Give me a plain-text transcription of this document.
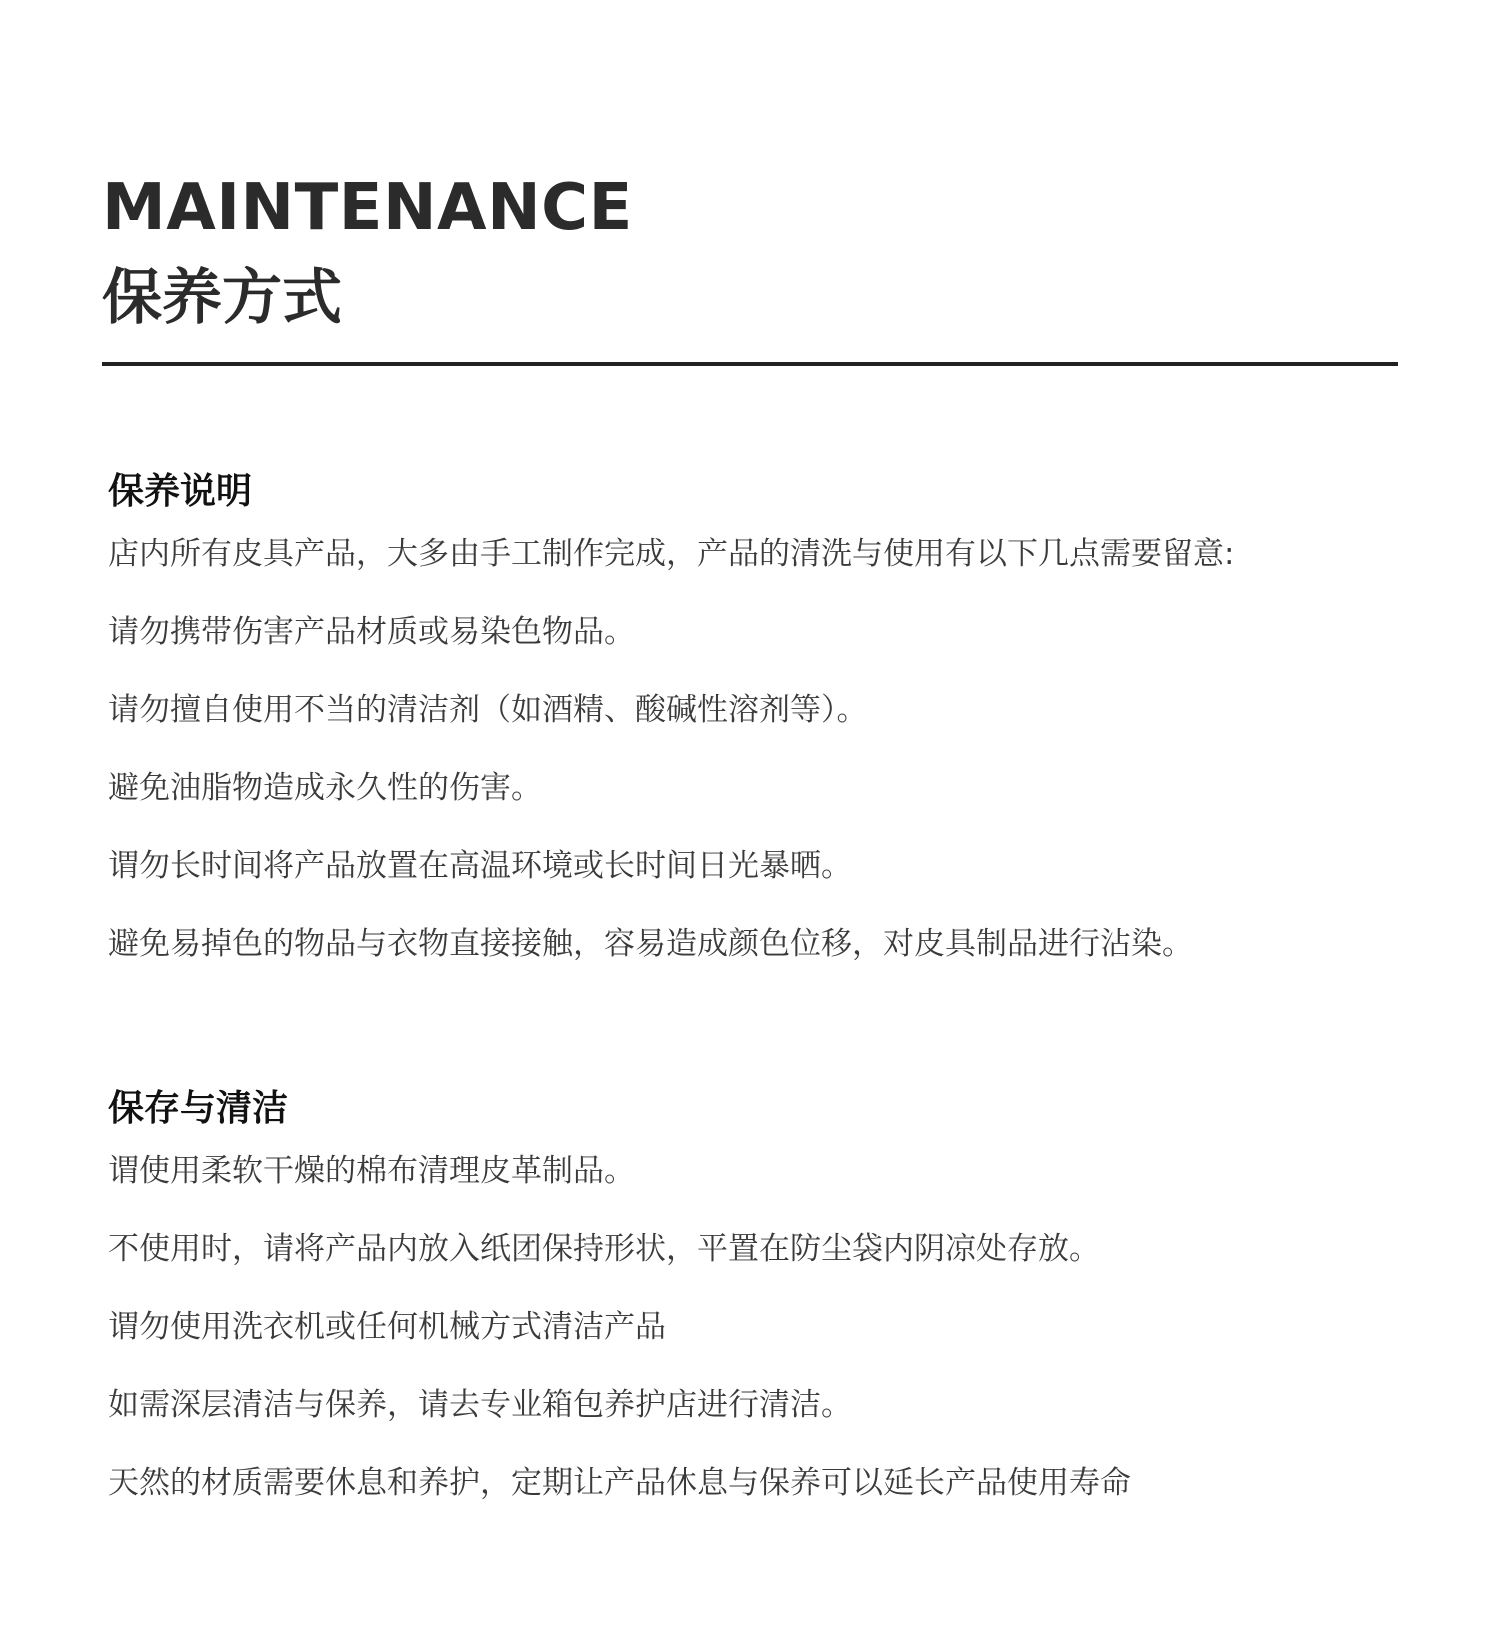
MAINTENANCE
保养方式
保养说明
店内所有皮具产品，大多由手工制作完成，产品的清洗与使用有以下几点需要留意:
请勿携带伤害产品材质或易染色物品。
请勿擅自使用不当的清洁剂（如酒精、酸碱性溶剂等）。
避免油脂物造成永久性的伤害。
谓勿长时间将产品放置在高温环境或长时间日光暴晒。
避免易掉色的物品与衣物直接接触，容易造成颜色位移，对皮具制品进行沾染。
保存与清洁
谓使用柔软干燥的棉布清理皮革制品。
不使用时，请将产品内放入纸团保持形状，平置在防尘袋内阴凉处存放。
谓勿使用洗衣机或任何机械方式清洁产品
如需深层清洁与保养，请去专业箱包养护店进行清洁。
天然的材质需要休息和养护，定期让产品休息与保养可以延长产品使用寿命
